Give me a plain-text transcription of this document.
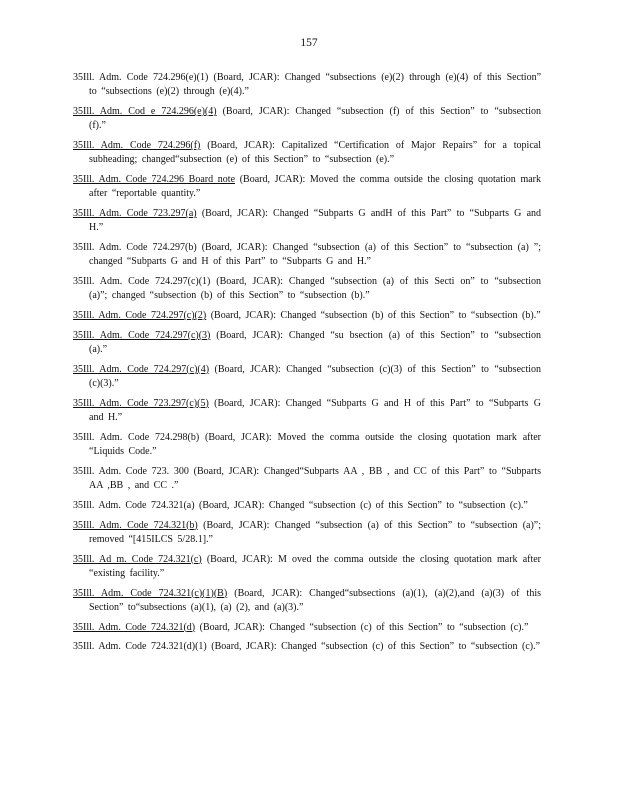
157

35Ill. Adm. Code 724.296(e)(1) (Board, JCAR): Changed “subsections (e)(2) through (e)(4) of this Section” to “subsections (e)(2) through (e)(4).”

35Ill. Adm. Cod e 724.296(e)(4) (Board, JCAR): Changed “subsection (f) of this Section” to “subsection (f).”

35Ill. Adm. Code 724.296(f) (Board, JCAR): Capitalized “Certification of Major Repairs” for a topical subheading; changed“subsection (e) of this Section” to “subsection (e).”

35Ill. Adm. Code 724.296 Board note (Board, JCAR): Moved the comma outside the closing quotation mark after “reportable quantity.”

35Ill. Adm. Code 723.297(a) (Board, JCAR): Changed “Subparts G andH of this Part” to “Subparts G and H.”

35Ill. Adm. Code 724.297(b) (Board, JCAR): Changed “subsection (a) of this Section” to “subsection (a) ”; changed “Subparts G and H of this Part” to “Subparts G and H.”

35Ill. Adm. Code 724.297(c)(1) (Board, JCAR): Changed “subsection (a) of this Secti on” to “subsection (a)”; changed “subsection (b) of this Section” to “subsection (b).”

35Ill. Adm. Code 724.297(c)(2) (Board, JCAR): Changed “subsection (b) of this Section” to “subsection (b).”

35Ill. Adm. Code 724.297(c)(3) (Board, JCAR): Changed “su bsection (a) of this Section” to “subsection (a).”

35Ill. Adm. Code 724.297(c)(4) (Board, JCAR): Changed “subsection (c)(3) of this Section” to “subsection (c)(3).”

35Ill. Adm. Code 723.297(c)(5) (Board, JCAR): Changed “Subparts G and H of this Part” to “Subparts G and H.”

35Ill. Adm. Code 724.298(b) (Board, JCAR): Moved the comma outside the closing quotation mark after “Liquids Code.”

35Ill. Adm. Code 723. 300 (Board, JCAR): Changed“Subparts AA , BB , and CC of this Part” to “Subparts AA ,BB , and CC .”

35Ill. Adm. Code 724.321(a) (Board, JCAR): Changed “subsection (c) of this Section” to “subsection (c).”

35Ill. Adm. Code 724.321(b) (Board, JCAR): Changed “subsection (a) of this Section” to “subsection (a)”; removed “[415ILCS 5/28.1].”

35Ill. Ad m. Code 724.321(c) (Board, JCAR): M oved the comma outside the closing quotation mark after “existing facility.”

35Ill. Adm. Code 724.321(c)(1)(B) (Board, JCAR): Changed“subsections (a)(1), (a)(2),and (a)(3) of this Section” to“subsections (a)(1), (a) (2), and (a)(3).”

35Ill. Adm. Code 724.321(d) (Board, JCAR): Changed “subsection (c) of this Section” to “subsection (c).”

35Ill. Adm. Code 724.321(d)(1) (Board, JCAR): Changed “subsection (c) of this Section” to “subsection (c).”
